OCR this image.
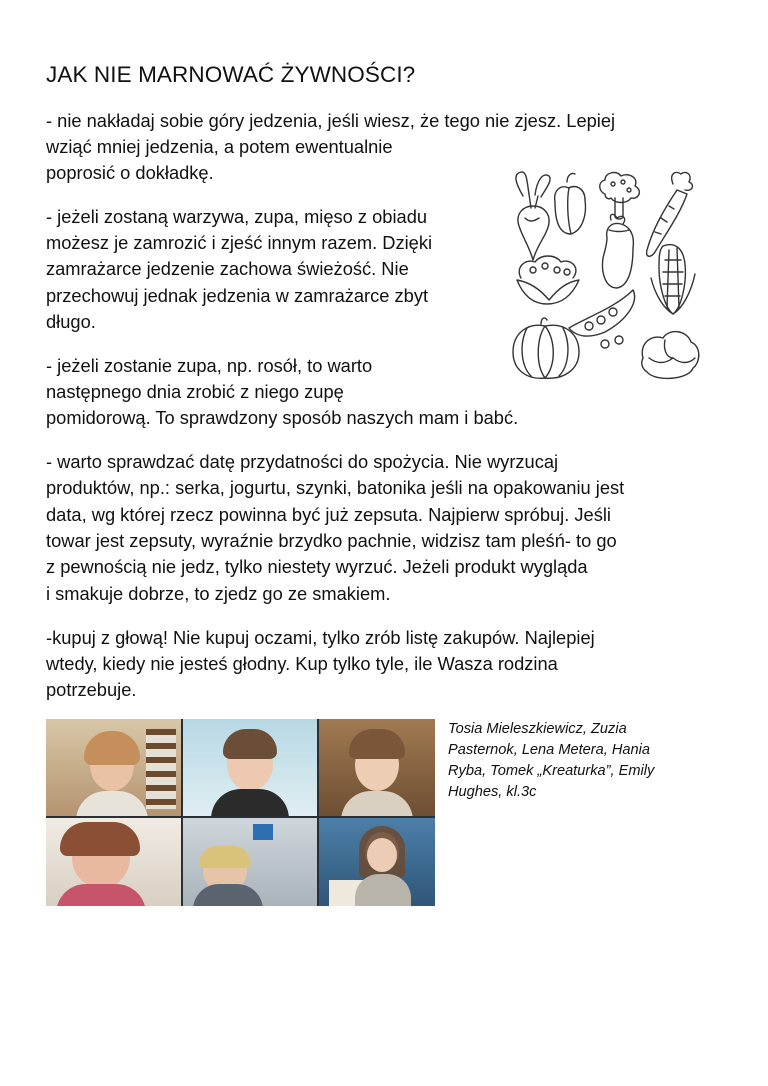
JAK NIE MARNOWAĆ ŻYWNOŚCI?
- nie nakładaj sobie góry jedzenia, jeśli wiesz, że tego nie zjesz. Lepiej
wziąć mniej jedzenia, a potem ewentualnie
poprosić o dokładkę.
- jeżeli zostaną warzywa, zupa, mięso z obiadu
możesz je zamrozić i zjeść innym razem. Dzięki
zamrażarce jedzenie zachowa świeżość. Nie
przechowuj jednak jedzenia w zamrażarce zbyt
długo.
- jeżeli zostanie zupa, np. rosół, to warto
następnego dnia zrobić z niego zupę
pomidorową. To sprawdzony sposób naszych mam i babć.
- warto sprawdzać datę przydatności do spożycia. Nie wyrzucaj
produktów, np.: serka, jogurtu, szynki, batonika jeśli na opakowaniu jest
data, wg której rzecz powinna być już zepsuta. Najpierw spróbuj. Jeśli
towar jest zepsuty, wyraźnie brzydko pachnie, widzisz tam pleśń- to go
z pewnością nie jedz, tylko niestety wyrzuć. Jeżeli produkt wygląda
i smakuje dobrze, to zjedz go ze smakiem.
-kupuj z głową! Nie kupuj oczami, tylko zrób listę zakupów. Najlepiej
wtedy, kiedy nie jesteś głodny. Kup tylko tyle, ile Wasza rodzina
potrzebuje.
Tosia Mieleszkiewicz, Zuzia
Pasternok, Lena Metera, Hania
Ryba, Tomek „Kreaturka”, Emily
Hughes, kl.3c
